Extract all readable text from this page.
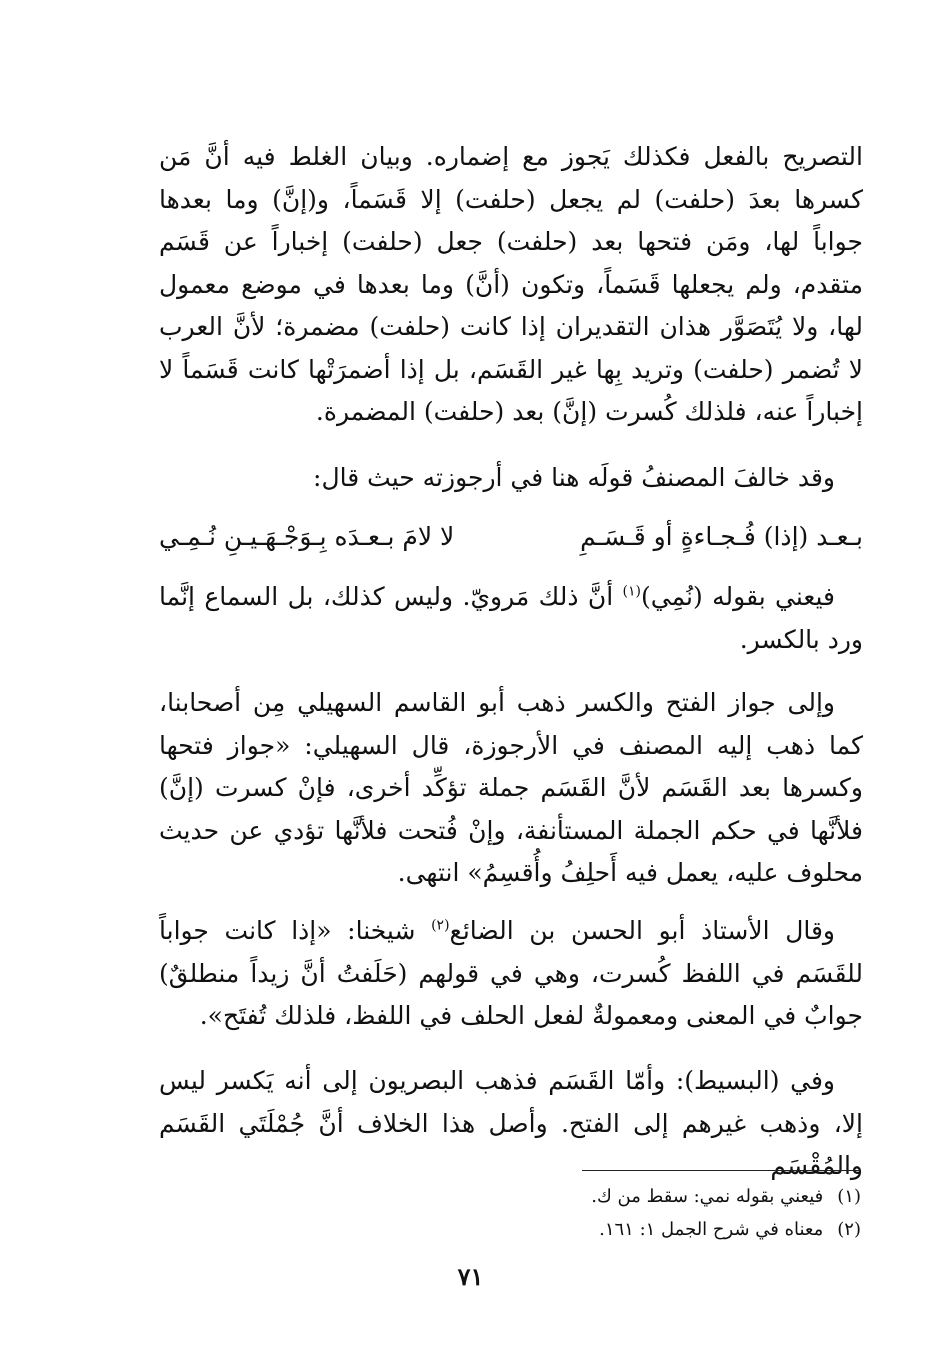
التصريح بالفعل فكذلك يَجوز مع إضماره. وبيان الغلط فيه أنَّ مَن كسرها بعدَ (حلفت) لم يجعل (حلفت) إلا قَسَماً، و(إنَّ) وما بعدها جواباً لها، ومَن فتحها بعد (حلفت) جعل (حلفت) إخباراً عن قَسَم متقدم، ولم يجعلها قَسَماً، وتكون (أنَّ) وما بعدها في موضع معمول لها، ولا يُتَصَوَّر هذان التقديران إذا كانت (حلفت) مضمرة؛ لأنَّ العرب لا تُضمر (حلفت) وتريد بِها غير القَسَم، بل إذا أضمرَتْها كانت قَسَماً لا إخباراً عنه، فلذلك كُسرت (إنَّ) بعد (حلفت) المضمرة.
وقد خالفَ المصنفُ قولَه هنا في أرجوزته حيث قال:
بـعـد (إذا) فُـجـاءةٍ أو قَـسَـمِ
لا لامَ بـعـدَه بِـوَجْـهَـيـنِ نُـمِـي
فيعني بقوله (نُمِي)$^{(١)}$ أنَّ ذلك مَرويّ. وليس كذلك، بل السماع إنَّما ورد بالكسر.
وإلى جواز الفتح والكسر ذهب أبو القاسم السهيلي مِن أصحابنا، كما ذهب إليه المصنف في الأرجوزة، قال السهيلي: «جواز فتحها وكسرها بعد القَسَم لأنَّ القَسَم جملة تؤكِّد أخرى، فإنْ كسرت (إنَّ) فلأنَّها في حكم الجملة المستأنفة، وإنْ فُتحت فلأنَّها تؤدي عن حديث محلوف عليه، يعمل فيه أَحلِفُ وأُقسِمُ» انتهى.
وقال الأستاذ أبو الحسن بن الضائع$^{(٢)}$ شيخنا: «إذا كانت جواباً للقَسَم في اللفظ كُسرت، وهي في قولهم (حَلَفتُ أنَّ زيداً منطلقٌ) جوابٌ في المعنى ومعمولةٌ لفعل الحلف في اللفظ، فلذلك تُفتَح».
وفي (البسيط): وأمّا القَسَم فذهب البصريون إلى أنه يَكسر ليس إلا، وذهب غيرهم إلى الفتح. وأصل هذا الخلاف أنَّ جُمْلَتَي القَسَم والمُقْسَم
(١)فيعني بقوله نمي: سقط من ك.
(٢)معناه في شرح الجمل ١: ١٦١.
٧١
